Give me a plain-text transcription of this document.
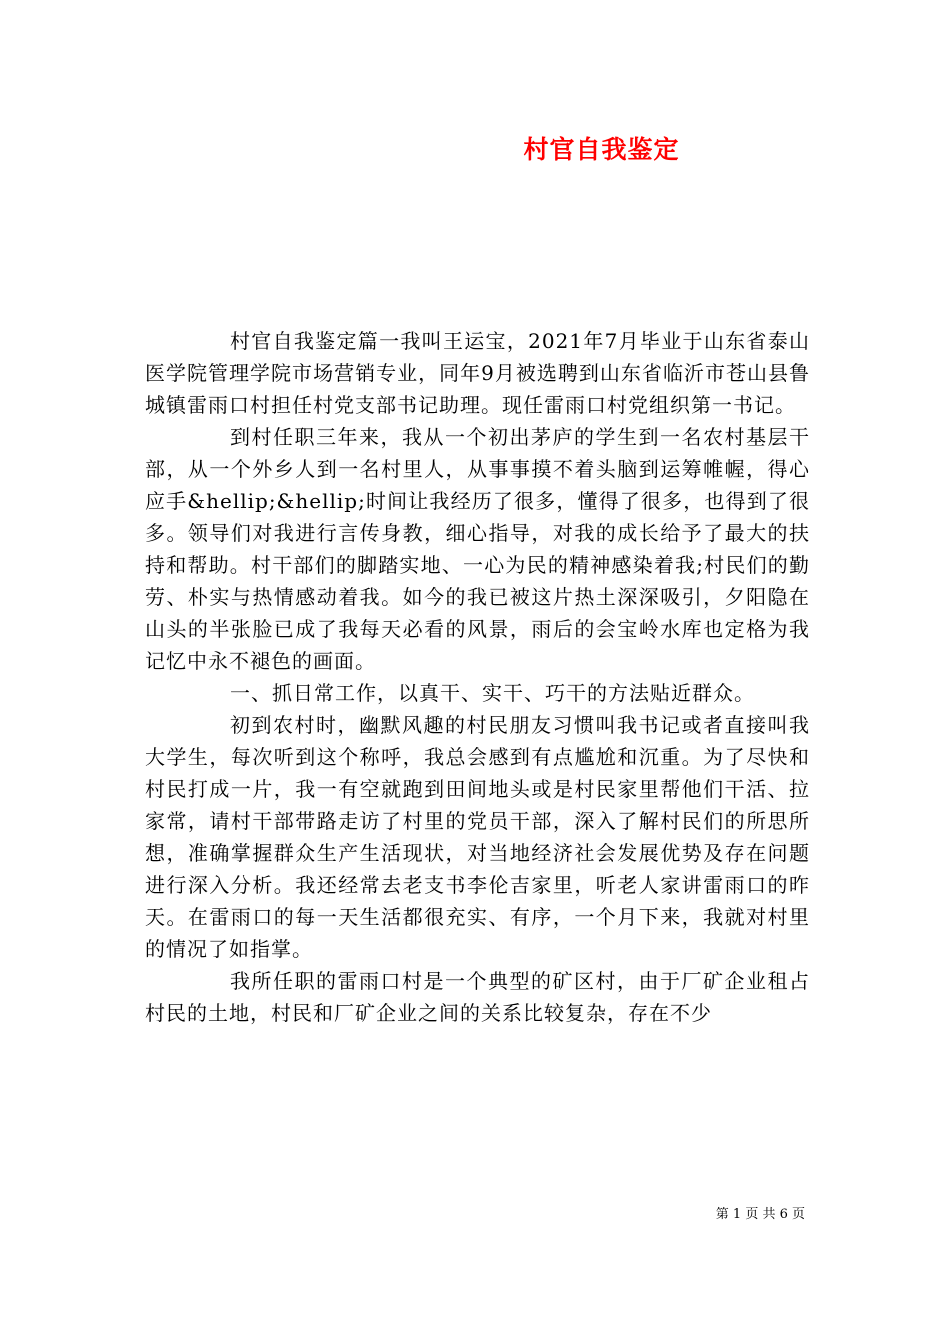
村官自我鉴定

村官自我鉴定篇一我叫王运宝，2021年7月毕业于山东省泰山医学院管理学院市场营销专业，同年9月被选聘到山东省临沂市苍山县鲁城镇雷雨口村担任村党支部书记助理。现任雷雨口村党组织第一书记。

到村任职三年来，我从一个初出茅庐的学生到一名农村基层干部，从一个外乡人到一名村里人，从事事摸不着头脑到运筹帷幄，得心应手&hellip;&hellip;时间让我经历了很多，懂得了很多，也得到了很多。领导们对我进行言传身教，细心指导，对我的成长给予了最大的扶持和帮助。村干部们的脚踏实地、一心为民的精神感染着我;村民们的勤劳、朴实与热情感动着我。如今的我已被这片热土深深吸引，夕阳隐在山头的半张脸已成了我每天必看的风景，雨后的会宝岭水库也定格为我记忆中永不褪色的画面。

一、抓日常工作，以真干、实干、巧干的方法贴近群众。

初到农村时，幽默风趣的村民朋友习惯叫我书记或者直接叫我大学生，每次听到这个称呼，我总会感到有点尴尬和沉重。为了尽快和村民打成一片，我一有空就跑到田间地头或是村民家里帮他们干活、拉家常，请村干部带路走访了村里的党员干部，深入了解村民们的所思所想，准确掌握群众生产生活现状，对当地经济社会发展优势及存在问题进行深入分析。我还经常去老支书李伦吉家里，听老人家讲雷雨口的昨天。在雷雨口的每一天生活都很充实、有序，一个月下来，我就对村里的情况了如指掌。

我所任职的雷雨口村是一个典型的矿区村，由于厂矿企业租占村民的土地，村民和厂矿企业之间的关系比较复杂，存在不少

第 1 页 共 6 页
